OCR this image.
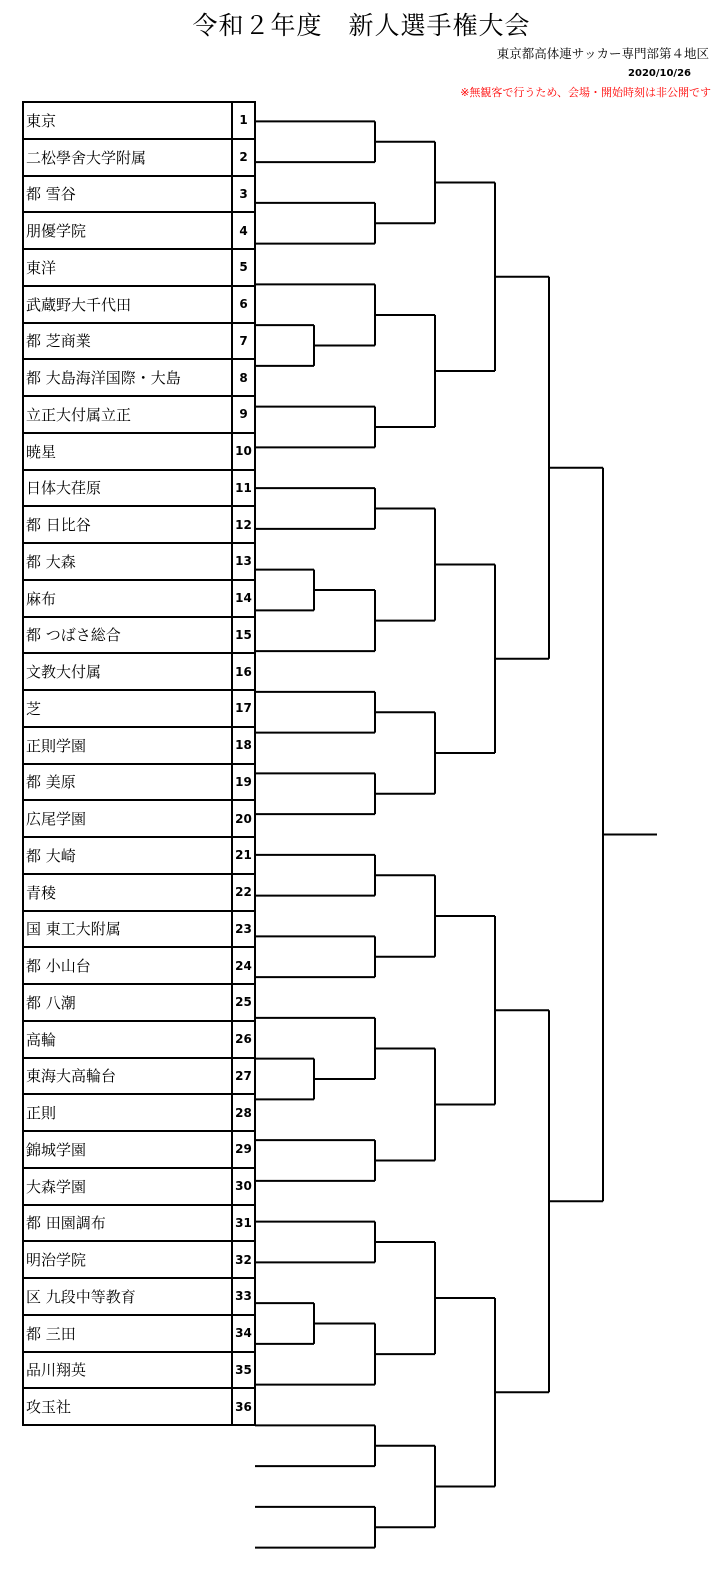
令和２年度　新人選手権大会
東京都高体連サッカー専門部第４地区
2020/10/26
※無観客で行うため、会場・開始時刻は非公開です
東京	1
二松學舍大学附属	2
都 雪谷	3
朋優学院	4
東洋	5
武蔵野大千代田	6
都 芝商業	7
都 大島海洋国際・大島	8
立正大付属立正	9
暁星	10
日体大荏原	11
都 日比谷	12
都 大森	13
麻布	14
都 つばさ総合	15
文教大付属	16
芝	17
正則学園	18
都 美原	19
広尾学園	20
都 大崎	21
青稜	22
国 東工大附属	23
都 小山台	24
都 八潮	25
高輪	26
東海大高輪台	27
正則	28
錦城学園	29
大森学園	30
都 田園調布	31
明治学院	32
区 九段中等教育	33
都 三田	34
品川翔英	35
攻玉社	36
